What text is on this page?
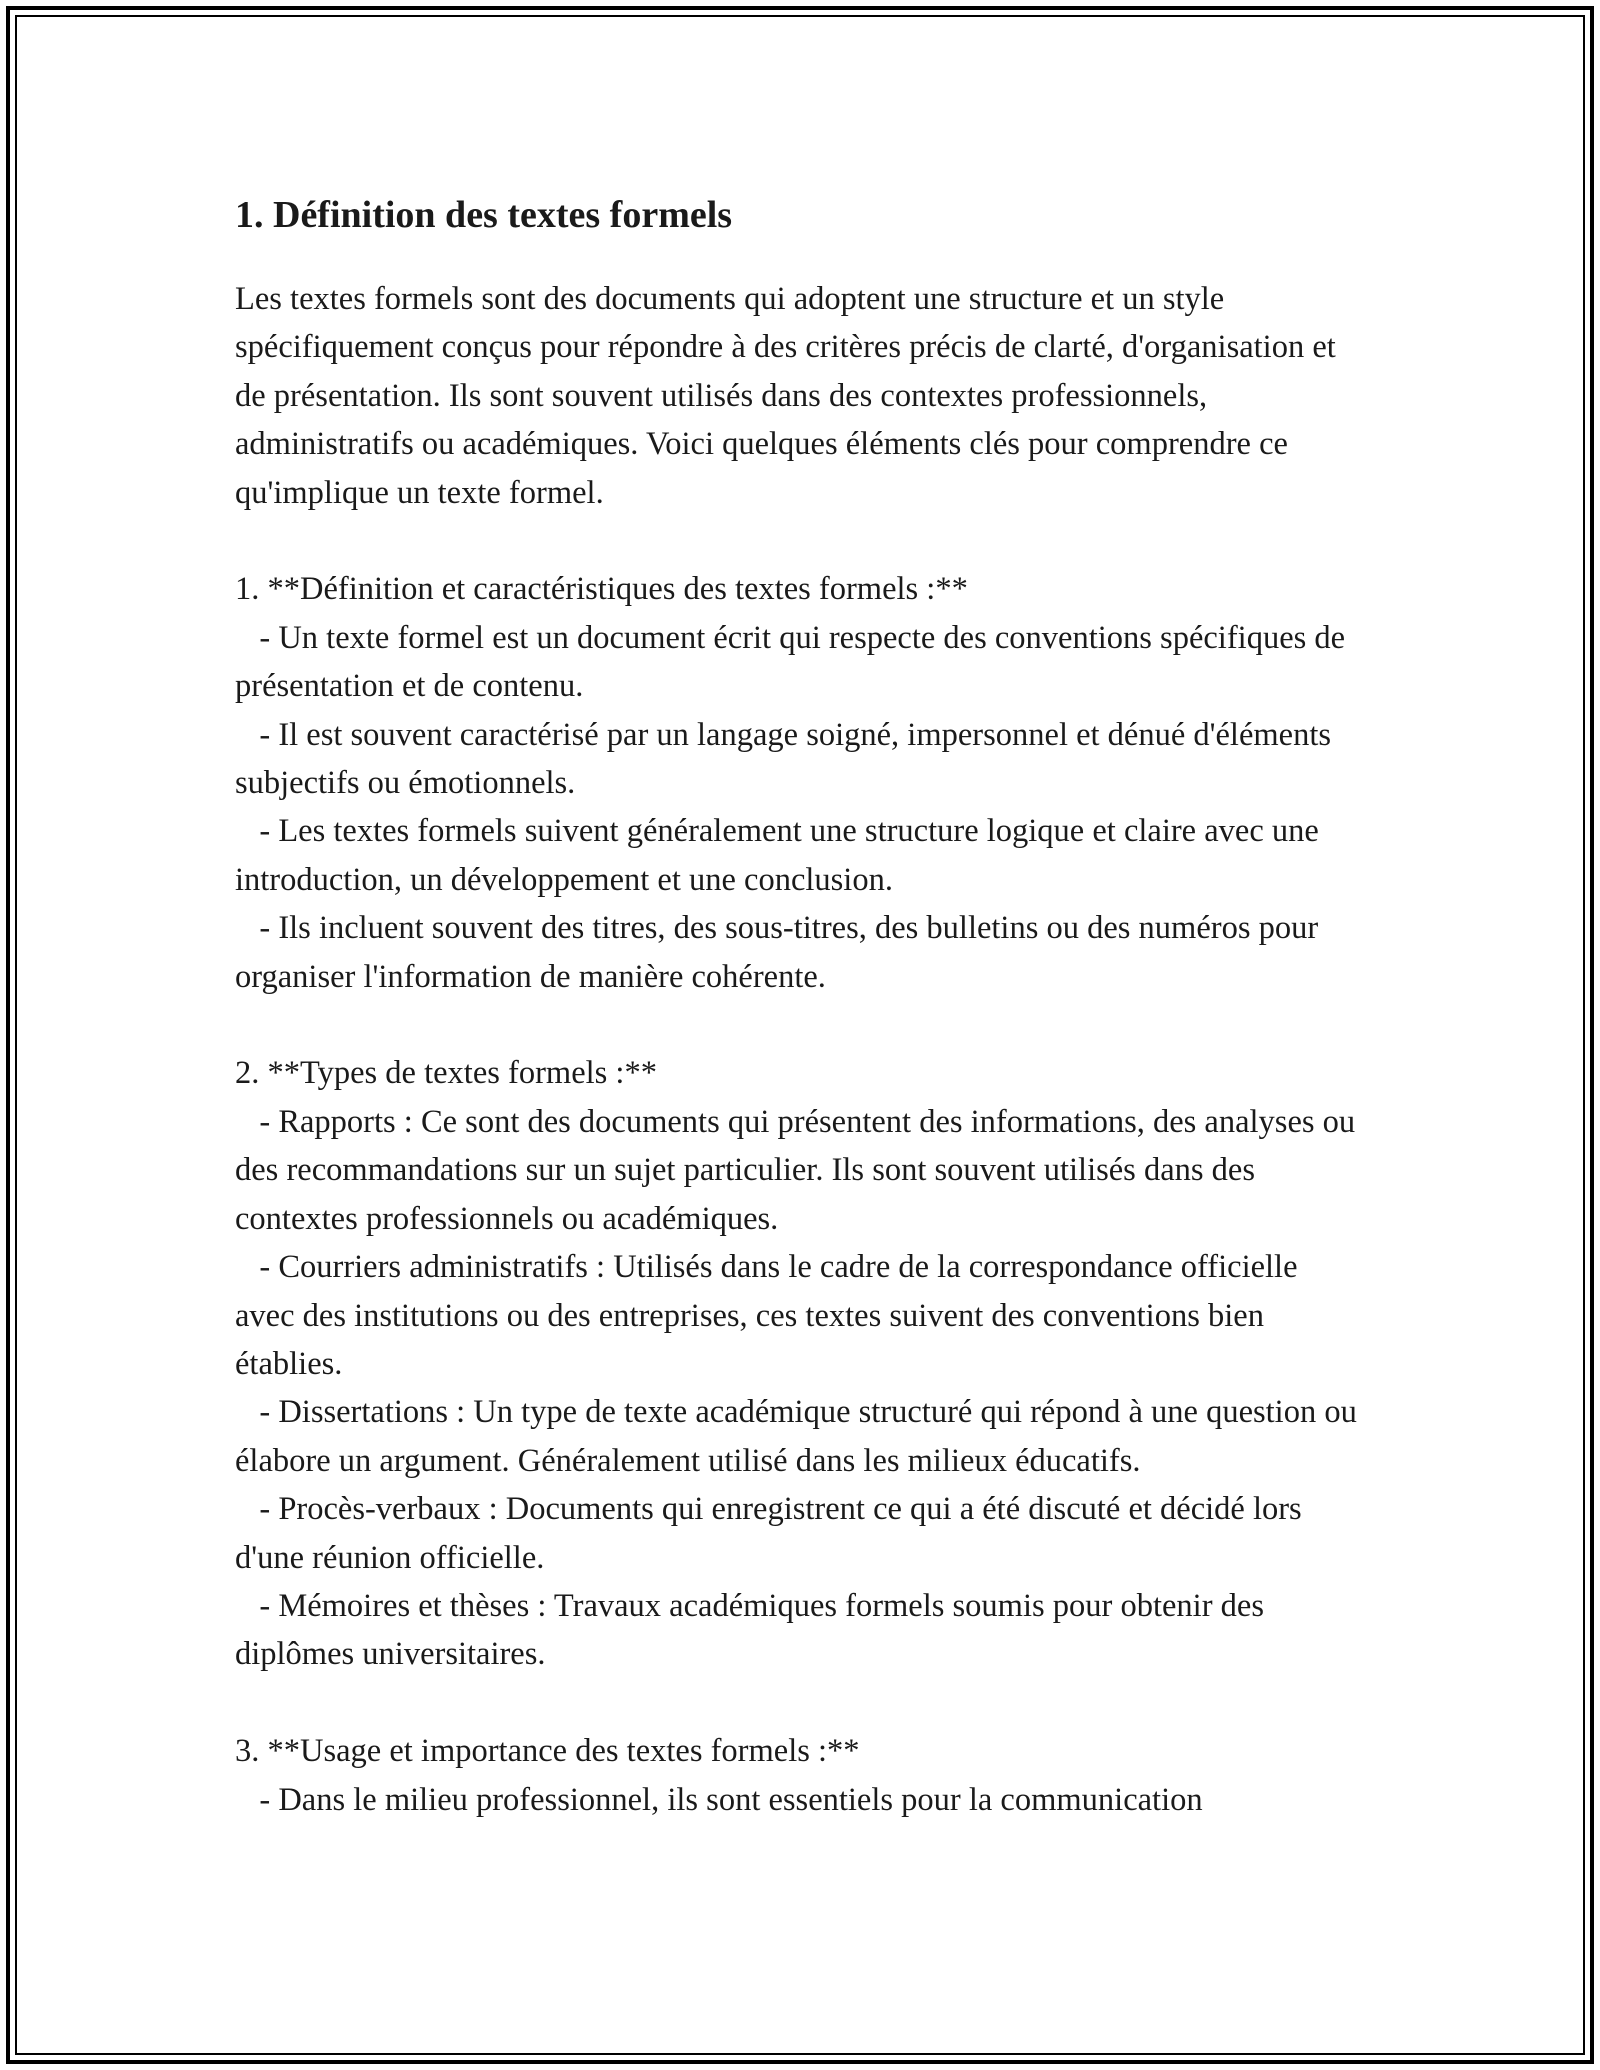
1. Définition des textes formels

Les textes formels sont des documents qui adoptent une structure et un style spécifiquement conçus pour répondre à des critères précis de clarté, d'organisation et de présentation. Ils sont souvent utilisés dans des contextes professionnels, administratifs ou académiques. Voici quelques éléments clés pour comprendre ce qu'implique un texte formel.

1. **Définition et caractéristiques des textes formels :**

- Un texte formel est un document écrit qui respecte des conventions spécifiques de présentation et de contenu.

- Il est souvent caractérisé par un langage soigné, impersonnel et dénué d'éléments subjectifs ou émotionnels.

- Les textes formels suivent généralement une structure logique et claire avec une introduction, un développement et une conclusion.

- Ils incluent souvent des titres, des sous-titres, des bulletins ou des numéros pour organiser l'information de manière cohérente.

2. **Types de textes formels :**

- Rapports : Ce sont des documents qui présentent des informations, des analyses ou des recommandations sur un sujet particulier. Ils sont souvent utilisés dans des contextes professionnels ou académiques.

- Courriers administratifs : Utilisés dans le cadre de la correspondance officielle avec des institutions ou des entreprises, ces textes suivent des conventions bien établies.

- Dissertations : Un type de texte académique structuré qui répond à une question ou élabore un argument. Généralement utilisé dans les milieux éducatifs.

- Procès-verbaux : Documents qui enregistrent ce qui a été discuté et décidé lors d'une réunion officielle.

- Mémoires et thèses : Travaux académiques formels soumis pour obtenir des diplômes universitaires.

3. **Usage et importance des textes formels :**

- Dans le milieu professionnel, ils sont essentiels pour la communication
